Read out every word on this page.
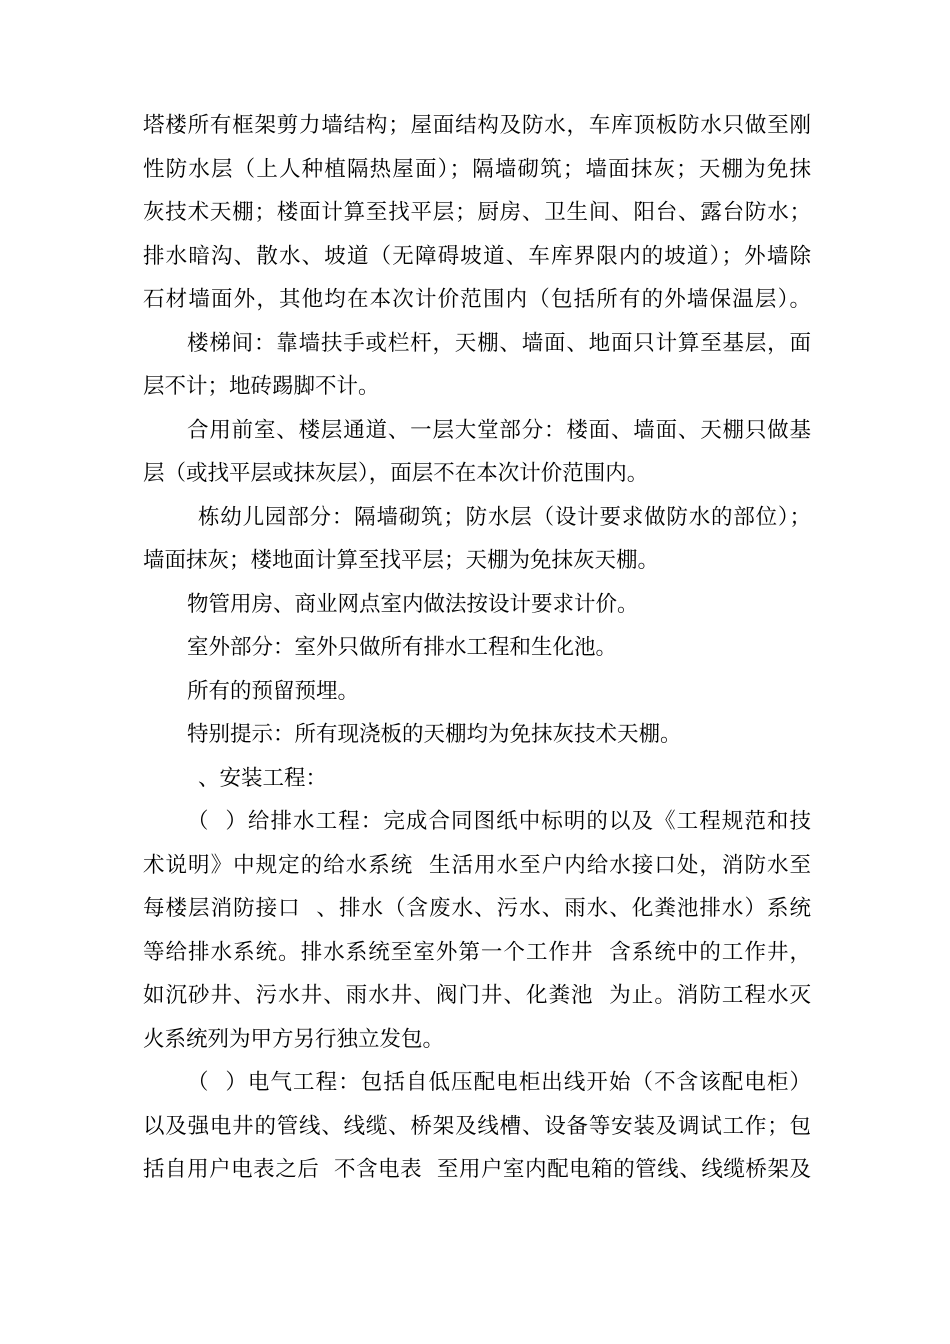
塔楼所有框架剪力墙结构；屋面结构及防水，车库顶板防水只做至刚
性防水层（上人种植隔热屋面）；隔墙砌筑；墙面抹灰；天棚为免抹
灰技术天棚；楼面计算至找平层；厨房、卫生间、阳台、露台防水；
排水暗沟、散水、坡道（无障碍坡道、车库界限内的坡道）；外墙除
石材墙面外，其他均在本次计价范围内（包括所有的外墙保温层）。
楼梯间：靠墙扶手或栏杆，天棚、墙面、地面只计算至基层，面
层不计；地砖踢脚不计。
合用前室、楼层通道、一层大堂部分：楼面、墙面、天棚只做基
层（或找平层或抹灰层），面层不在本次计价范围内。
栋幼儿园部分：隔墙砌筑；防水层（设计要求做防水的部位）；
墙面抹灰；楼地面计算至找平层；天棚为免抹灰天棚。
物管用房、商业网点室内做法按设计要求计价。
室外部分：室外只做所有排水工程和生化池。
所有的预留预埋。
特别提示：所有现浇板的天棚均为免抹灰技术天棚。
、安装工程：
（  ）给排水工程：完成合同图纸中标明的以及《工程规范和技
术说明》中规定的给水系统  生活用水至户内给水接口处，消防水至
每楼层消防接口  、排水（含废水、污水、雨水、化粪池排水）系统
等给排水系统。排水系统至室外第一个工作井  含系统中的工作井，
如沉砂井、污水井、雨水井、阀门井、化粪池  为止。消防工程水灭
火系统列为甲方另行独立发包。
（  ）电气工程：包括自低压配电柜出线开始（不含该配电柜）
以及强电井的管线、线缆、桥架及线槽、设备等安装及调试工作；包
括自用户电表之后  不含电表  至用户室内配电箱的管线、线缆桥架及
